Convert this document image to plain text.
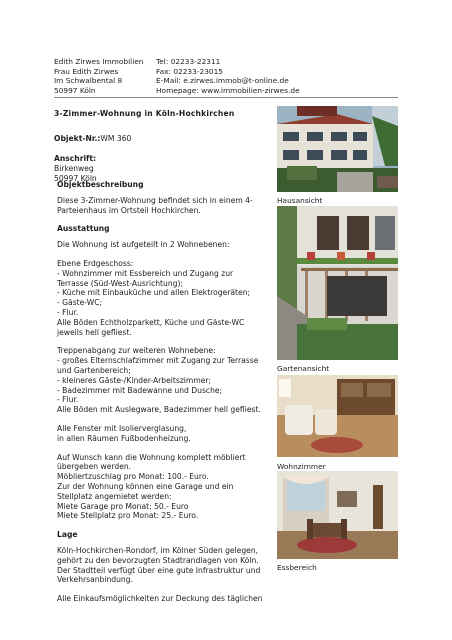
Edith Zirwes Immobilien
Frau Edith Zirwes
Im Schwalbental 8
50997 Köln
Tel: 02233-22311
Fax: 02233-23015
E-Mail: e.zirwes.immob@t-online.de
Homepage: www.immobilien-zirwes.de
3-Zimmer-Wohnung in Köln-Hochkirchen
Objekt-Nr.:WM 360
Anschrift:
Birkenweg
50997 Köln
Objektbeschreibung
Diese 3-Zimmer-Wohnung befindet sich in einem 4-
Parteienhaus im Ortsteil Hochkirchen.
Ausstattung
Die Wohnung ist aufgeteilt in 2 Wohnebenen:
Ebene Erdgeschoss:
- Wohnzimmer mit Essbereich und Zugang zur
Terrasse (Süd-West-Ausrichtung);
- Küche mit Einbauküche und allen Elektrogeräten;
- Gäste-WC;
- Flur.
Alle Böden Echtholzparkett, Küche und Gäste-WC
jeweils hell gefliest.
Treppenabgang zur weiteren Wohnebene:
- großes Elternschlafzimmer mit Zugang zur Terrasse
und Gartenbereich;
- kleineres Gäste-/Kinder-Arbeitszimmer;
- Badezimmer mit Badewanne und Dusche;
- Flur.
Alle Böden mit Auslegware, Badezimmer hell gefliest.
Alle Fenster mit Isolierverglasung,
in allen Räumen Fußbodenheizung.
Auf Wunsch kann die Wohnung komplett möbliert
übergeben werden.
Möbliertzuschlag pro Monat: 100.- Euro.
Zur der Wohnung können eine Garage und ein
Stellplatz angemietet werden:
Miete Garage pro Monat: 50.- Euro
Miete Stellplatz pro Monat: 25.- Euro.
Lage
Köln-Hochkirchen-Rondorf, im Kölner Süden gelegen,
gehört zu den bevorzugten Stadtrandlagen von Köln.
Der Stadtteil verfügt über eine gute Infrastruktur und
Verkehrsanbindung.
Alle Einkaufsmöglichkeiten zur Deckung des täglichen
Hausansicht
Gartenansicht
Wohnzimmer
Essbereich
